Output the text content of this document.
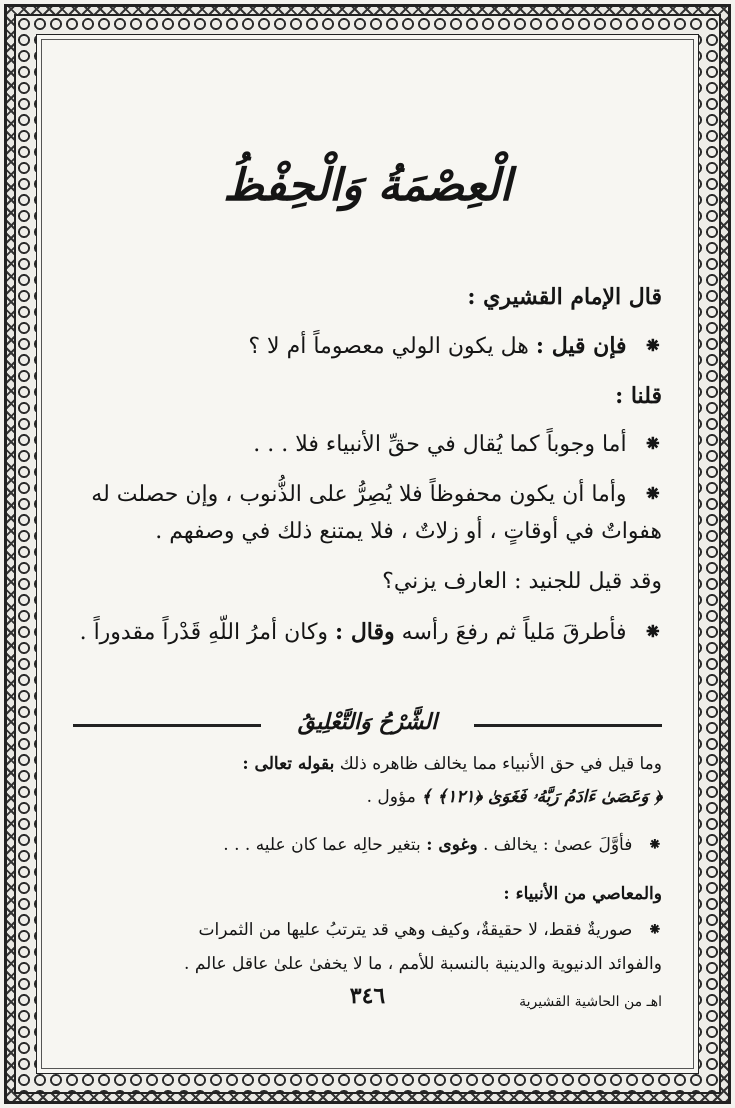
الْعِصْمَةُ وَالْحِفْظُ
قال الإمام القشيري :
⁕ فإن قيل : هل يكون الولي معصوماً أم لا ؟
قلنا :
⁕ أما وجوباً كما يُقال في حقِّ الأنبياء فلا . . .
⁕ وأما أن يكون محفوظاً فلا يُصِرُّ على الذُّنوب ، وإن حصلت له
هفواتٌ في أوقاتٍ ، أو زلاتٌ ، فلا يمتنع ذلك في وصفهم .
وقد قيل للجنيد : العارف يزني؟
⁕ فأطرقَ مَلياً ثم رفعَ رأسه وقال : وكان أمرُ اللّهِ قَدْراً مقدوراً .
الشَّرْحُ وَالتَّعْلِيقُ
وما قيل في حق الأنبياء مما يخالف ظاهره ذلك بقوله تعالى :
﴿ وَعَصَىٰ ءَادَمُ رَبَّهُۥ فَغَوَىٰ ﴿١٢١﴾ ﴾ مؤول .
⁕ فأوَّلَ عصىٰ : يخالف . وغوى : بتغير حالِه عما كان عليه . . .
والمعاصي من الأنبياء :
⁕ صوريةٌ فقط، لا حقيقةٌ، وكيف وهي قد يترتبُ عليها من الثمرات
والفوائد الدنيوية والدينية بالنسبة للأمم ، ما لا يخفىٰ علىٰ عاقل عالم .
اهـ من الحاشية القشيرية
٣٤٦
